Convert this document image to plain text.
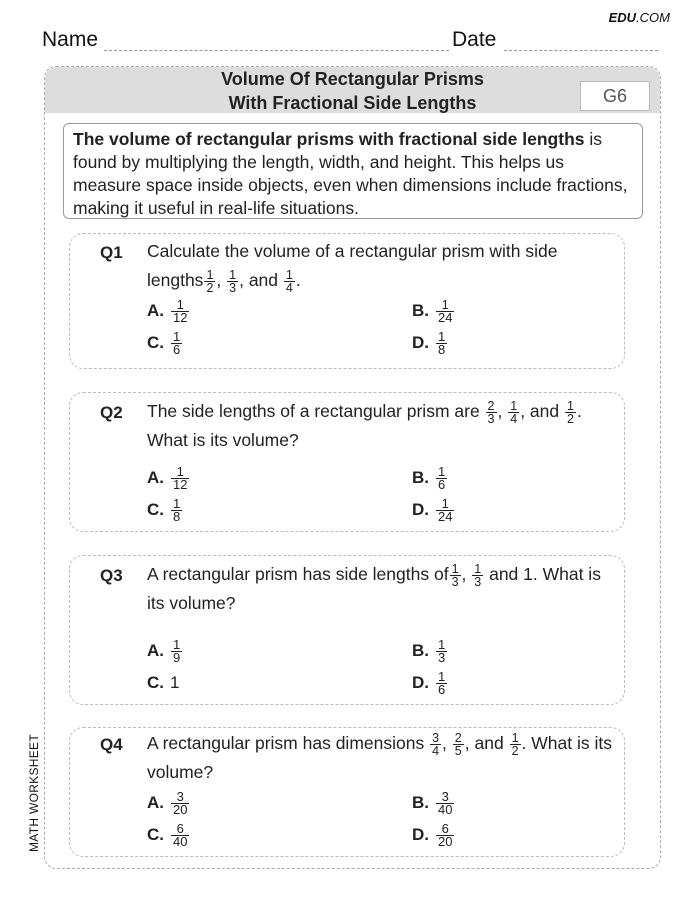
EDU.COM
Name	Date
Volume Of Rectangular Prisms
With Fractional Side Lengths	G6
The volume of rectangular prisms with fractional side lengths is found by multiplying the length, width, and height. This helps us measure space inside objects, even when dimensions include fractions, making it useful in real-life situations.
Q1 Calculate the volume of a rectangular prism with side lengths $\frac{1}{2}$ , $\frac{1}{3}$ , and $\frac{1}{4}$ .
A. $\frac{1}{12}$	B. $\frac{1}{24}$
C. $\frac{1}{6}$	D. $\frac{1}{8}$
Q2 The side lengths of a rectangular prism are $\frac{2}{3}$ , $\frac{1}{4}$ , and $\frac{1}{2}$ . What is its volume?
A. $\frac{1}{12}$	B. $\frac{1}{6}$
C. $\frac{1}{8}$	D. $\frac{1}{24}$
Q3 A rectangular prism has side lengths of $\frac{1}{3}$ , $\frac{1}{3}$ and 1. What is its volume?
A. $\frac{1}{9}$	B. $\frac{1}{3}$
C. 1	D. $\frac{1}{6}$
Q4 A rectangular prism has dimensions $\frac{3}{4}$ , $\frac{2}{5}$ , and $\frac{1}{2}$ . What is its volume?
A. $\frac{3}{20}$	B. $\frac{3}{40}$
C. $\frac{6}{40}$	D. $\frac{6}{20}$
MATH WORKSHEET
